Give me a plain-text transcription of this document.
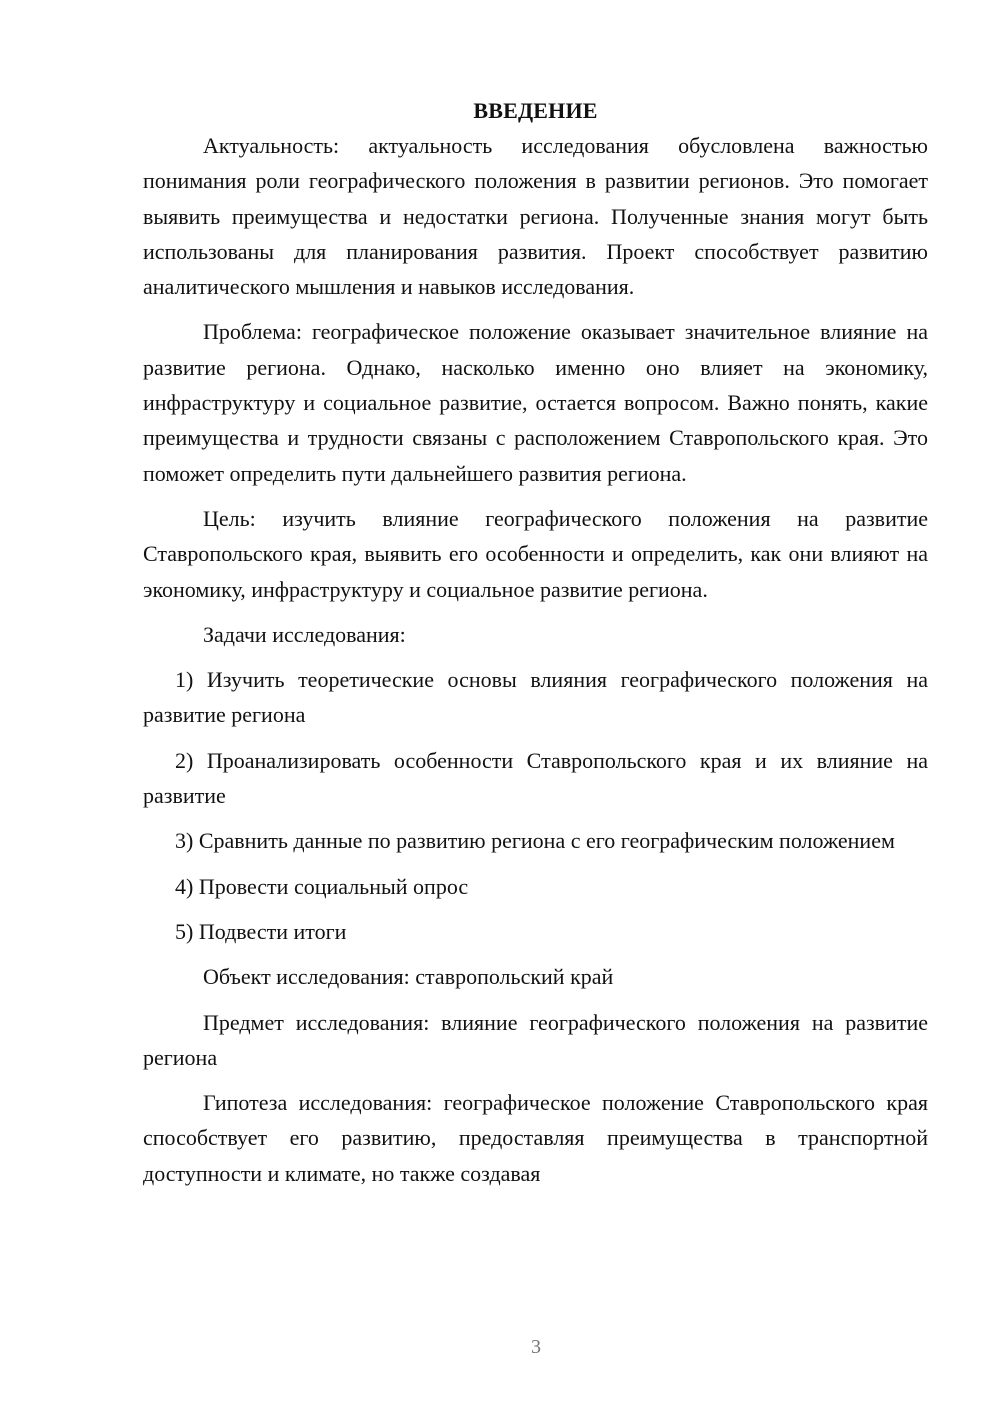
ВВЕДЕНИЕ

Актуальность: актуальность исследования обусловлена важностью понимания роли географического положения в развитии регионов. Это помогает выявить преимущества и недостатки региона. Полученные знания могут быть использованы для планирования развития. Проект способствует развитию аналитического мышления и навыков исследования.

Проблема: географическое положение оказывает значительное влияние на развитие региона. Однако, насколько именно оно влияет на экономику, инфраструктуру и социальное развитие, остается вопросом. Важно понять, какие преимущества и трудности связаны с расположением Ставропольского края. Это поможет определить пути дальнейшего развития региона.

Цель: изучить влияние географического положения на развитие Ставропольского края, выявить его особенности и определить, как они влияют на экономику, инфраструктуру и социальное развитие региона.

Задачи исследования:

1) Изучить теоретические основы влияния географического положения на развитие региона

2) Проанализировать особенности Ставропольского края и их влияние на развитие

3) Сравнить данные по развитию региона с его географическим положением

4) Провести социальный опрос

5) Подвести итоги

Объект исследования: ставропольский край

Предмет исследования: влияние географического положения на развитие региона

Гипотеза исследования: географическое положение Ставропольского края способствует его развитию, предоставляя преимущества в транспортной доступности и климате, но также создавая

3
